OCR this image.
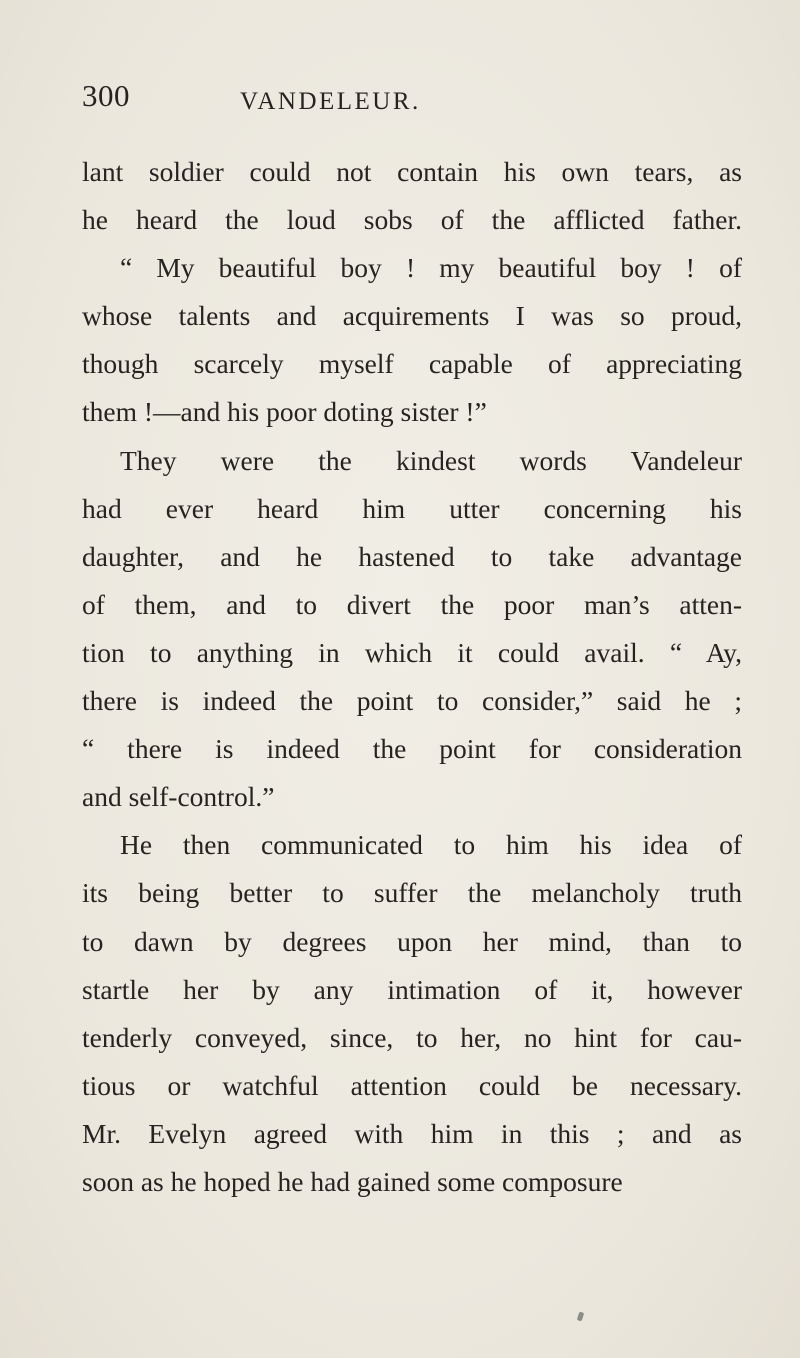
300	VANDELEUR.
lant soldier could not contain his own tears, as
he heard the loud sobs of the afflicted father.
“ My beautiful boy ! my beautiful boy ! of
whose talents and acquirements I was so proud,
though scarcely myself capable of appreciating
them !—and his poor doting sister !”
They were the kindest words Vandeleur
had ever heard him utter concerning his
daughter, and he hastened to take advantage
of them, and to divert the poor man’s atten-
tion to anything in which it could avail. “ Ay,
there is indeed the point to consider,” said he ;
“ there is indeed the point for consideration
and self-control.”
He then communicated to him his idea of
its being better to suffer the melancholy truth
to dawn by degrees upon her mind, than to
startle her by any intimation of it, however
tenderly conveyed, since, to her, no hint for cau-
tious or watchful attention could be necessary.
Mr. Evelyn agreed with him in this ; and as
soon as he hoped he had gained some composure
